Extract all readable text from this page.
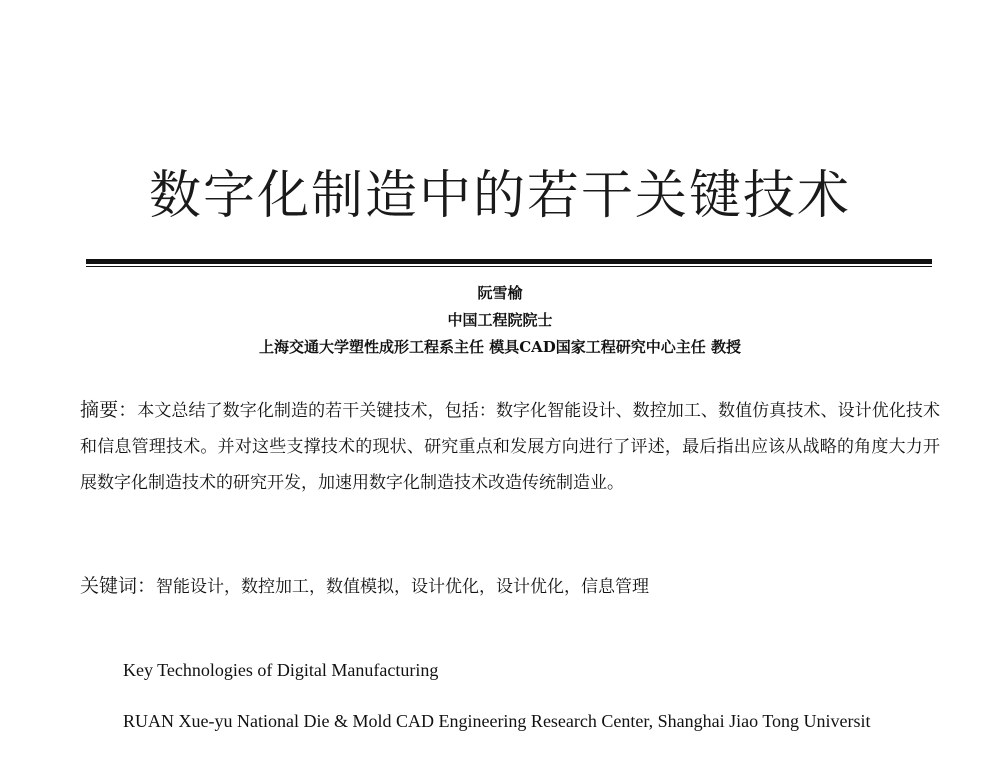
数字化制造中的若干关键技术
阮雪榆
中国工程院院士
上海交通大学塑性成形工程系主任 模具CAD国家工程研究中心主任 教授

摘要：本文总结了数字化制造的若干关键技术，包括：数字化智能设计、数控加工、数值仿真技术、设计优化技术和信息管理技术。并对这些支撑技术的现状、研究重点和发展方向进行了评述，最后指出应该从战略的角度大力开展数字化制造技术的研究开发，加速用数字化制造技术改造传统制造业。

关键词：智能设计，数控加工，数值模拟，设计优化，设计优化，信息管理

Key Technologies of Digital Manufacturing

RUAN Xue-yu National Die & Mold CAD Engineering Research Center, Shanghai Jiao Tong Universit
